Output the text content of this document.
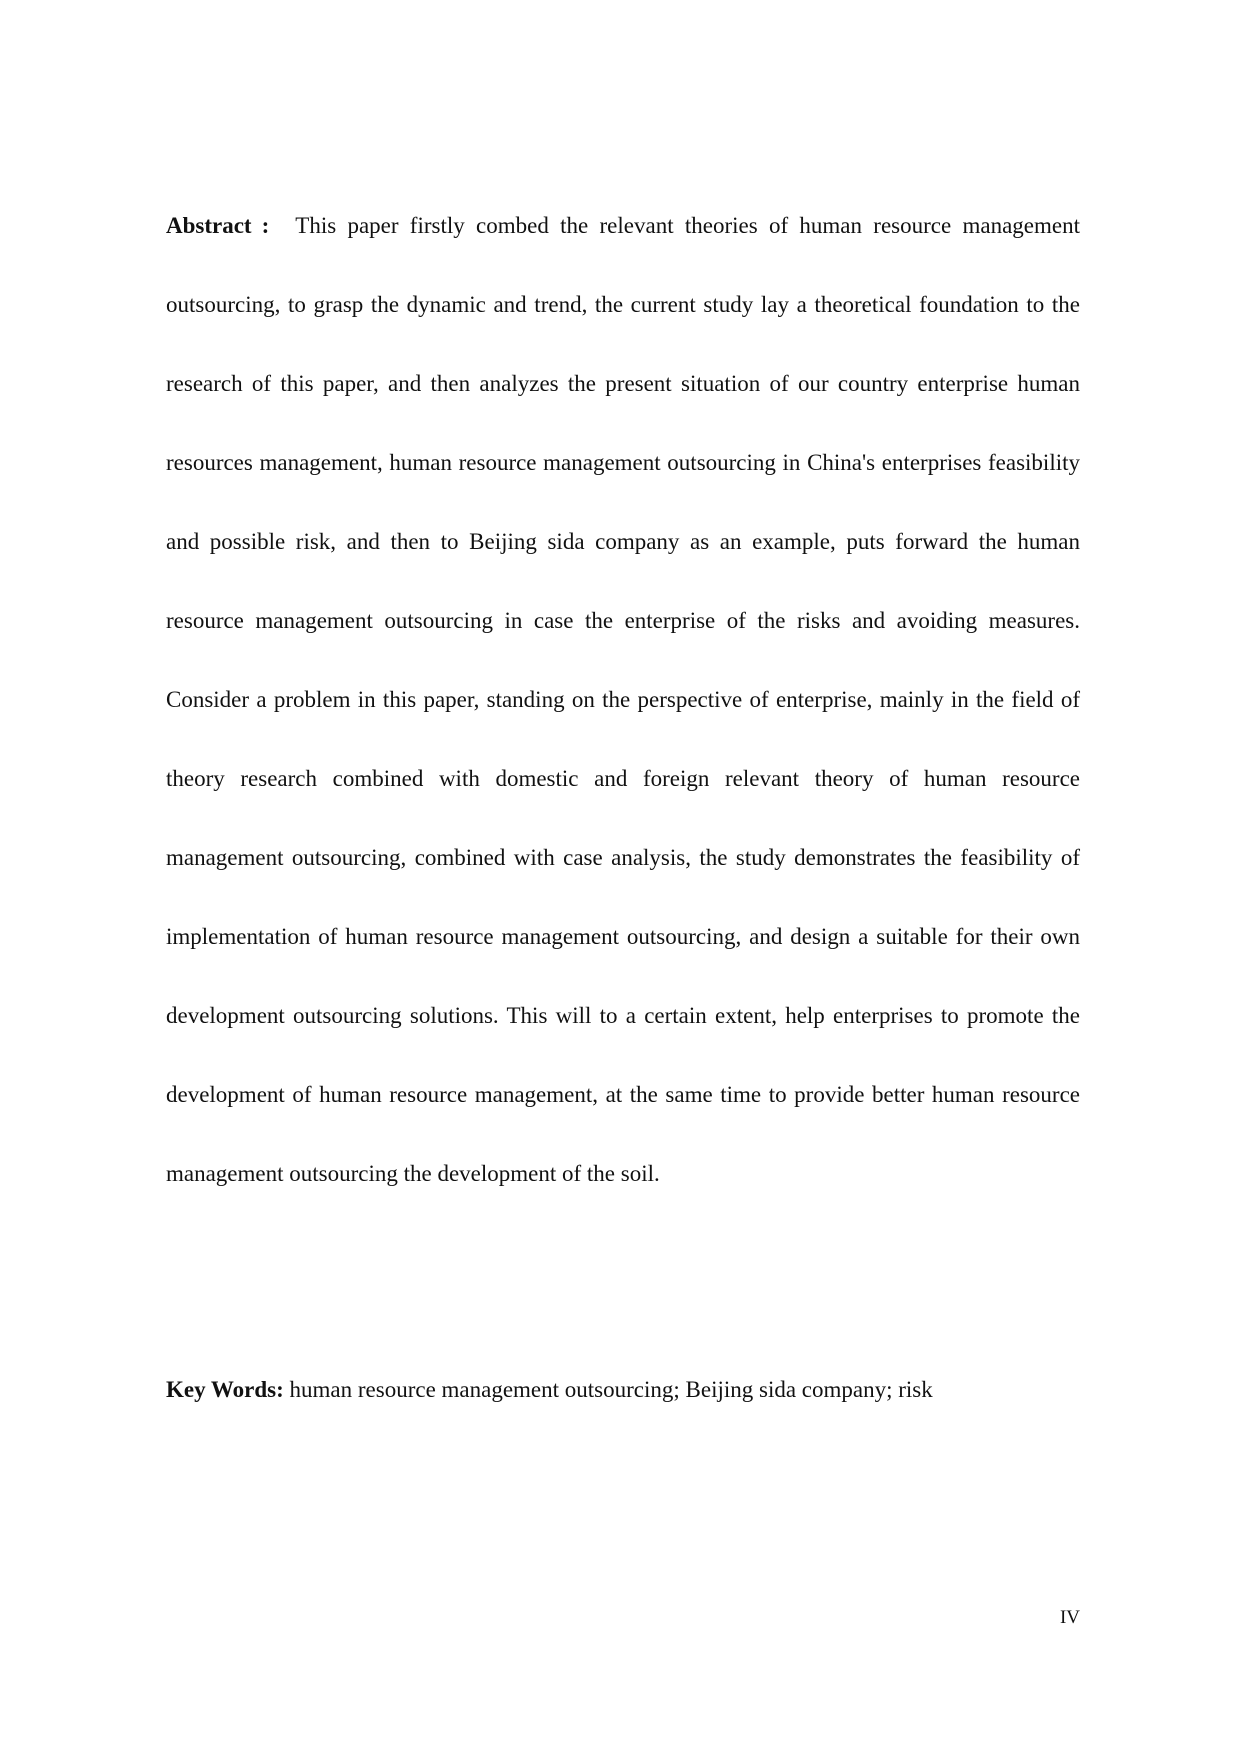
Abstract : This paper firstly combed the relevant theories of human resource management outsourcing, to grasp the dynamic and trend, the current study lay a theoretical foundation to the research of this paper, and then analyzes the present situation of our country enterprise human resources management, human resource management outsourcing in China's enterprises feasibility and possible risk, and then to Beijing sida company as an example, puts forward the human resource management outsourcing in case the enterprise of the risks and avoiding measures. Consider a problem in this paper, standing on the perspective of enterprise, mainly in the field of theory research combined with domestic and foreign relevant theory of human resource management outsourcing, combined with case analysis, the study demonstrates the feasibility of implementation of human resource management outsourcing, and design a suitable for their own development outsourcing solutions. This will to a certain extent, help enterprises to promote the development of human resource management, at the same time to provide better human resource management outsourcing the development of the soil.

Key Words: human resource management outsourcing; Beijing sida company; risk

IV
